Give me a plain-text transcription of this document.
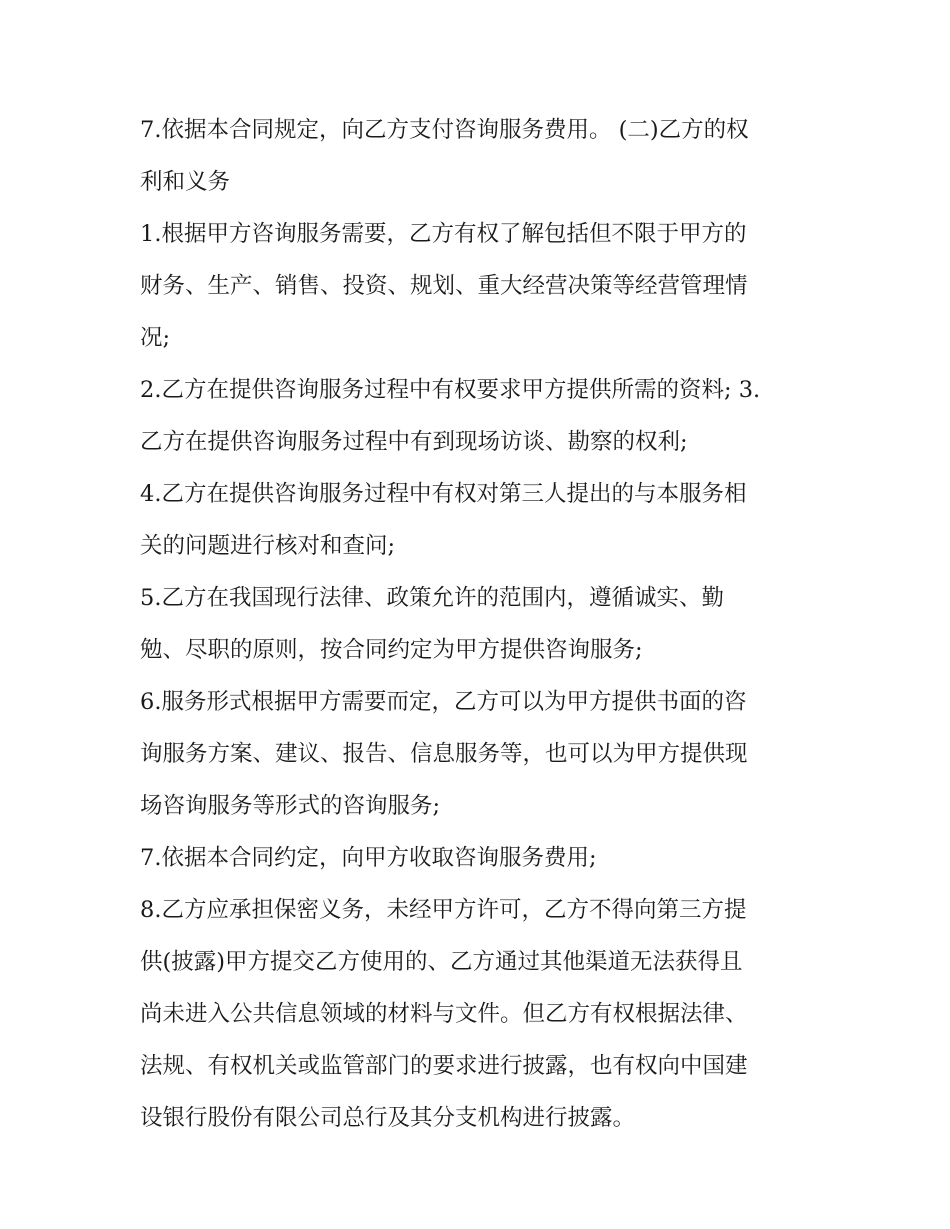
7.依据本合同规定，向乙方支付咨询服务费用。 (二)乙方的权
利和义务
1.根据甲方咨询服务需要，乙方有权了解包括但不限于甲方的
财务、生产、销售、投资、规划、重大经营决策等经营管理情
况;
2.乙方在提供咨询服务过程中有权要求甲方提供所需的资料; 3.
乙方在提供咨询服务过程中有到现场访谈、勘察的权利;
4.乙方在提供咨询服务过程中有权对第三人提出的与本服务相
关的问题进行核对和查问;
5.乙方在我国现行法律、政策允许的范围内，遵循诚实、勤
勉、尽职的原则，按合同约定为甲方提供咨询服务;
6.服务形式根据甲方需要而定，乙方可以为甲方提供书面的咨
询服务方案、建议、报告、信息服务等，也可以为甲方提供现
场咨询服务等形式的咨询服务;
7.依据本合同约定，向甲方收取咨询服务费用;
8.乙方应承担保密义务，未经甲方许可，乙方不得向第三方提
供(披露)甲方提交乙方使用的、乙方通过其他渠道无法获得且
尚未进入公共信息领域的材料与文件。但乙方有权根据法律、
法规、有权机关或监管部门的要求进行披露，也有权向中国建
设银行股份有限公司总行及其分支机构进行披露。
